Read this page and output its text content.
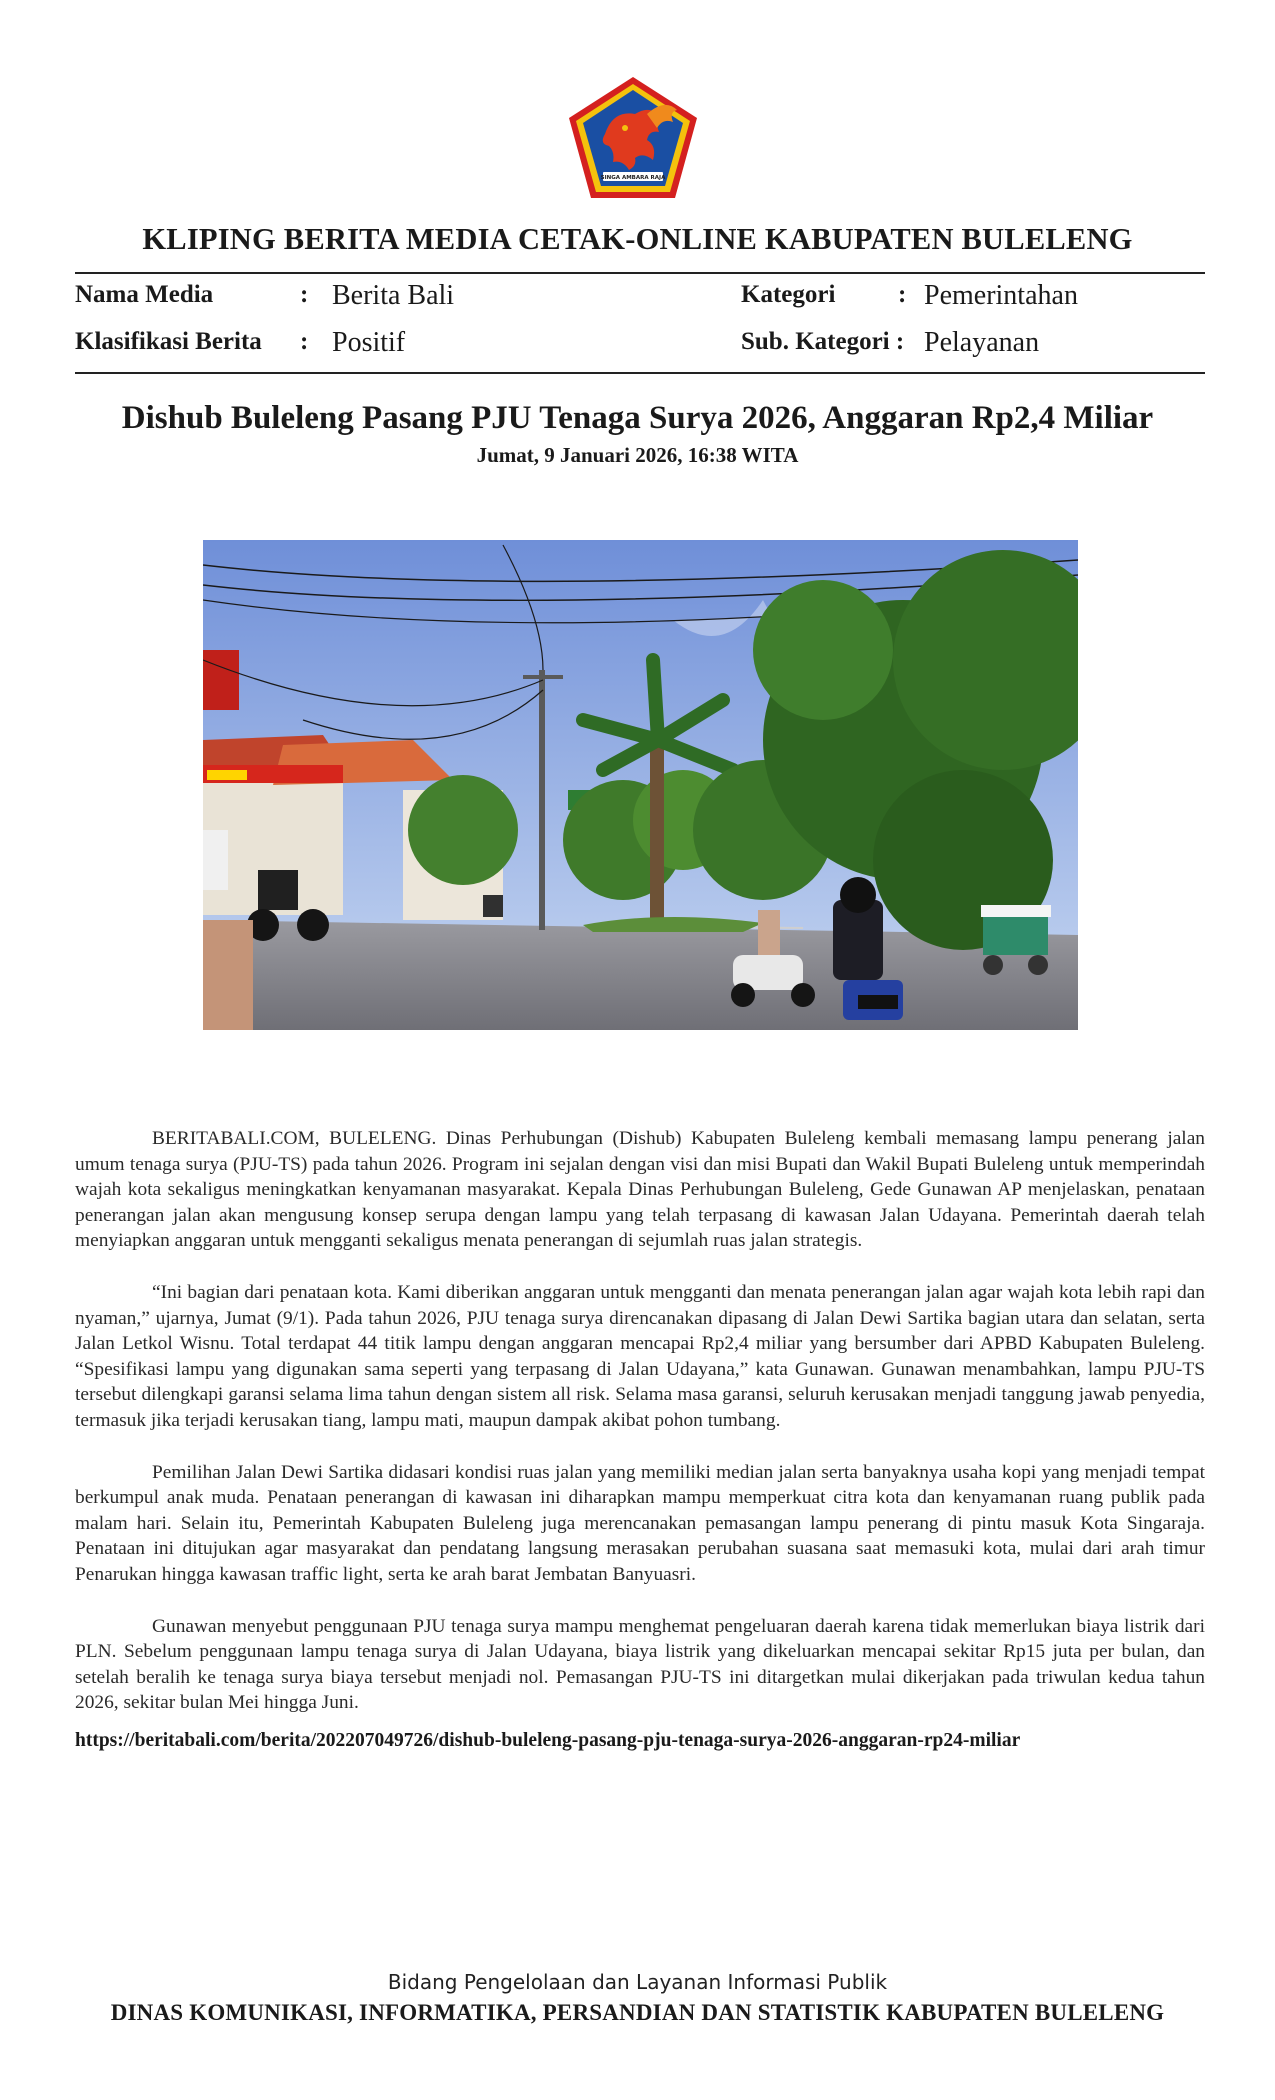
SINGA AMBARA RAJA
KLIPING BERITA MEDIA CETAK-ONLINE KABUPATEN BULELENG
Nama Media	: Berita Bali
Klasifikasi Berita : Positif
Kategori	: Pemerintahan
Sub. Kategori : Pelayanan
Dishub Buleleng Pasang PJU Tenaga Surya 2026, Anggaran Rp2,4 Miliar
Jumat, 9 Januari 2026, 16:38 WITA

BERITABALI.COM, BULELENG. Dinas Perhubungan (Dishub) Kabupaten Buleleng kembali memasang lampu penerang jalan umum tenaga surya (PJU-TS) pada tahun 2026. Program ini sejalan dengan visi dan misi Bupati dan Wakil Bupati Buleleng untuk memperindah wajah kota sekaligus meningkatkan kenyamanan masyarakat. Kepala Dinas Perhubungan Buleleng, Gede Gunawan AP menjelaskan, penataan penerangan jalan akan mengusung konsep serupa dengan lampu yang telah terpasang di kawasan Jalan Udayana. Pemerintah daerah telah menyiapkan anggaran untuk mengganti sekaligus menata penerangan di sejumlah ruas jalan strategis.

“Ini bagian dari penataan kota. Kami diberikan anggaran untuk mengganti dan menata penerangan jalan agar wajah kota lebih rapi dan nyaman,” ujarnya, Jumat (9/1). Pada tahun 2026, PJU tenaga surya direncanakan dipasang di Jalan Dewi Sartika bagian utara dan selatan, serta Jalan Letkol Wisnu. Total terdapat 44 titik lampu dengan anggaran mencapai Rp2,4 miliar yang bersumber dari APBD Kabupaten Buleleng. “Spesifikasi lampu yang digunakan sama seperti yang terpasang di Jalan Udayana,” kata Gunawan. Gunawan menambahkan, lampu PJU-TS tersebut dilengkapi garansi selama lima tahun dengan sistem all risk. Selama masa garansi, seluruh kerusakan menjadi tanggung jawab penyedia, termasuk jika terjadi kerusakan tiang, lampu mati, maupun dampak akibat pohon tumbang.

Pemilihan Jalan Dewi Sartika didasari kondisi ruas jalan yang memiliki median jalan serta banyaknya usaha kopi yang menjadi tempat berkumpul anak muda. Penataan penerangan di kawasan ini diharapkan mampu memperkuat citra kota dan kenyamanan ruang publik pada malam hari. Selain itu, Pemerintah Kabupaten Buleleng juga merencanakan pemasangan lampu penerang di pintu masuk Kota Singaraja. Penataan ini ditujukan agar masyarakat dan pendatang langsung merasakan perubahan suasana saat memasuki kota, mulai dari arah timur Penarukan hingga kawasan traffic light, serta ke arah barat Jembatan Banyuasri.

Gunawan menyebut penggunaan PJU tenaga surya mampu menghemat pengeluaran daerah karena tidak memerlukan biaya listrik dari PLN. Sebelum penggunaan lampu tenaga surya di Jalan Udayana, biaya listrik yang dikeluarkan mencapai sekitar Rp15 juta per bulan, dan setelah beralih ke tenaga surya biaya tersebut menjadi nol. Pemasangan PJU-TS ini ditargetkan mulai dikerjakan pada triwulan kedua tahun 2026, sekitar bulan Mei hingga Juni.

https://beritabali.com/berita/202207049726/dishub-buleleng-pasang-pju-tenaga-surya-2026-anggaran-rp24-miliar
Bidang Pengelolaan dan Layanan Informasi Publik
DINAS KOMUNIKASI, INFORMATIKA, PERSANDIAN DAN STATISTIK KABUPATEN BULELENG
